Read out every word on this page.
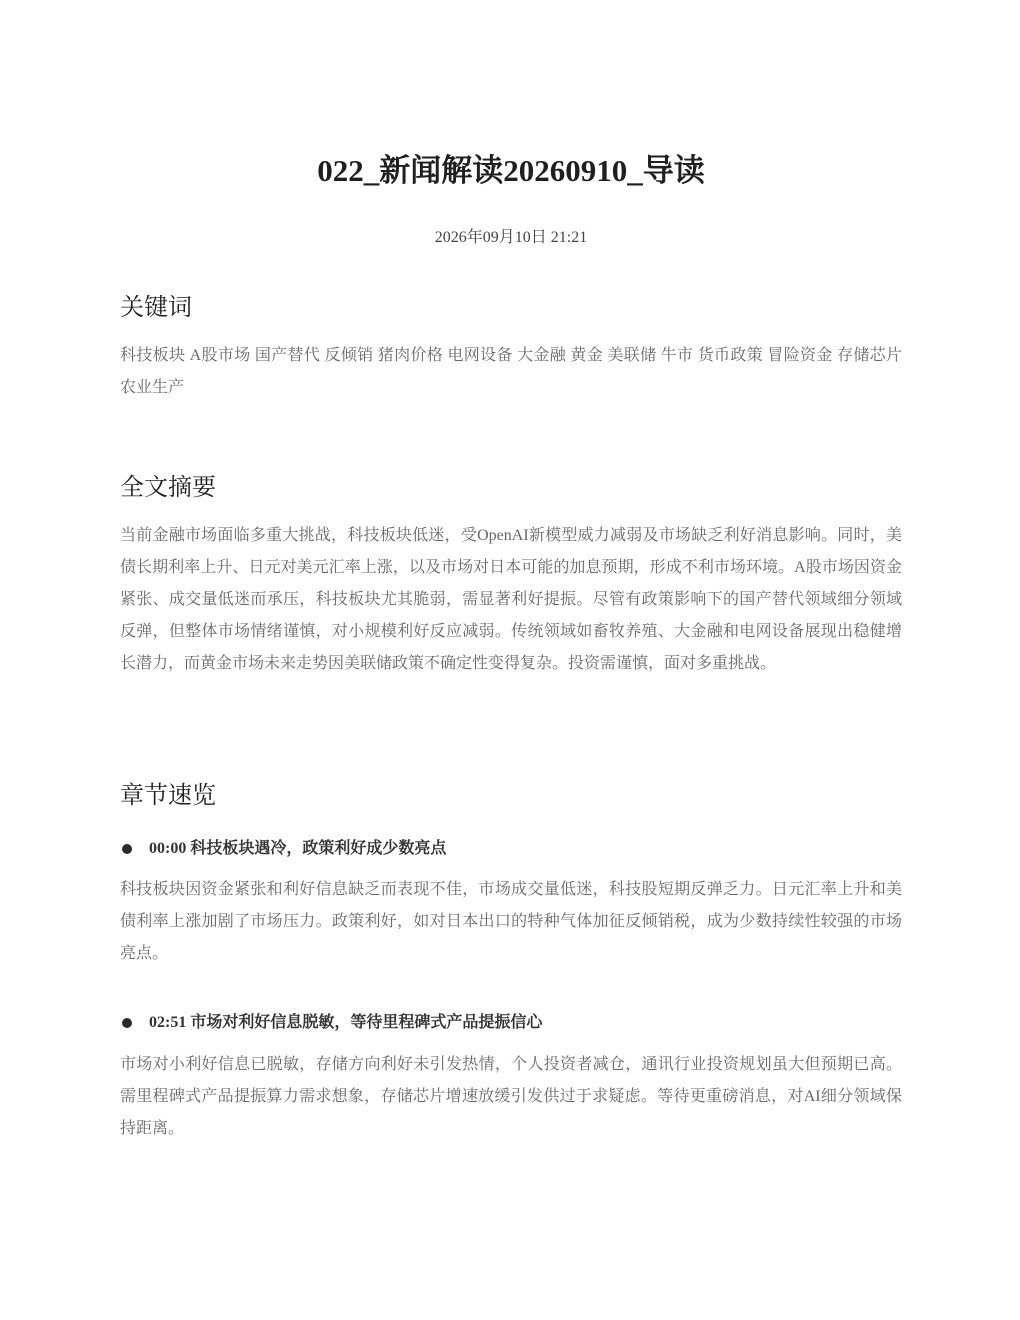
022_新闻解读20260910_导读
2026年09月10日 21:21
关键词

科技板块 A股市场 国产替代 反倾销 猪肉价格 电网设备 大金融 黄金 美联储 牛市 货币政策 冒险资金 存储芯片 农业生产

全文摘要

当前金融市场面临多重大挑战，科技板块低迷，受OpenAI新模型威力减弱及市场缺乏利好消息影响。同时，美债长期利率上升、日元对美元汇率上涨，以及市场对日本可能的加息预期，形成不利市场环境。A股市场因资金紧张、成交量低迷而承压，科技板块尤其脆弱，需显著利好提振。尽管有政策影响下的国产替代领域细分领域反弹，但整体市场情绪谨慎，对小规模利好反应减弱。传统领域如畜牧养殖、大金融和电网设备展现出稳健增长潜力，而黄金市场未来走势因美联储政策不确定性变得复杂。投资需谨慎，面对多重挑战。

章节速览
00:00 科技板块遇冷，政策利好成少数亮点

科技板块因资金紧张和利好信息缺乏而表现不佳，市场成交量低迷，科技股短期反弹乏力。日元汇率上升和美债利率上涨加剧了市场压力。政策利好，如对日本出口的特种气体加征反倾销税，成为少数持续性较强的市场亮点。

02:51 市场对利好信息脱敏，等待里程碑式产品提振信心

市场对小利好信息已脱敏，存储方向利好未引发热情，个人投资者减仓，通讯行业投资规划虽大但预期已高。需里程碑式产品提振算力需求想象，存储芯片增速放缓引发供过于求疑虑。等待更重磅消息，对AI细分领域保持距离。
